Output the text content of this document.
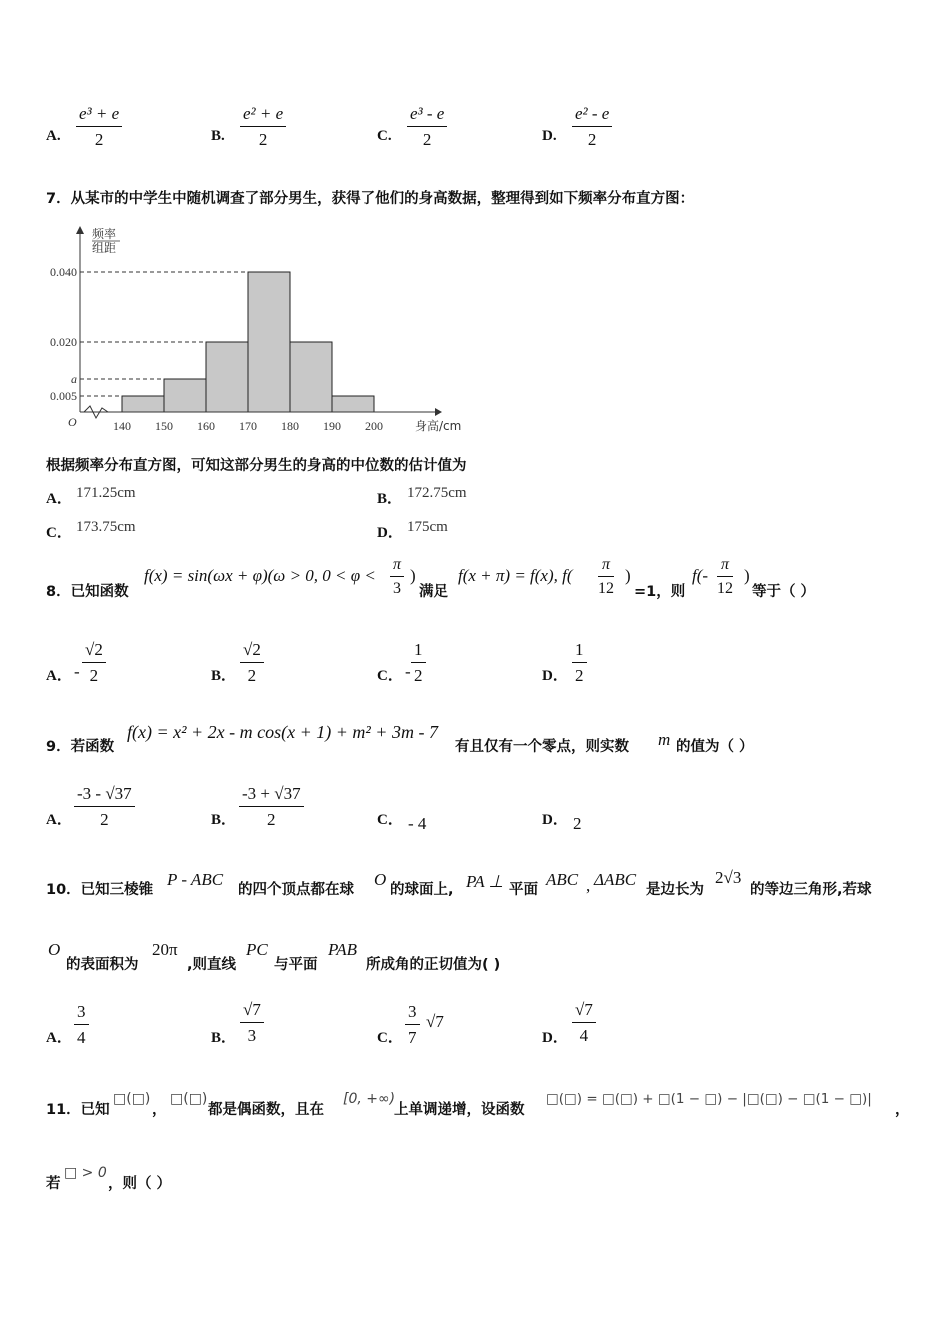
A. $\frac{\text{e³ + e}}{2}$	B. $\frac{\text{e² + e}}{2}$	C. $\frac{\text{e³ - e}}{2}$	D. $\frac{\text{e² - e}}{2}$
7．从某市的中学生中随机调查了部分男生，获得了他们的身高数据，整理得到如下频率分布直方图：
频率
组距
O	身高/cm
0.040
0.020
a
0.005
140 150 160 170 180 190 200
根据频率分布直方图，可知这部分男生的身高的中位数的估计值为
A． 171.25cm	B． 172.75cm
C． 173.75cm	D． 175cm
8．已知函数
f(x) = sin(ωx + φ)(ω > 0, $0 < \varphi < \frac{\pi}{3}$ )
满足
f(x + π) = f(x), $f( \frac{\pi}{12}$ )
=1，则
$f(- \frac{\pi}{12}$ )
等于（ ）
A． - $\frac{√2}{2}$	B． $\frac{√2}{2}$	C． - $\frac{1}{2}$	D． $\frac{1}{2}$
9．若函数
f(x) = x² + 2x - m cos(x + 1) + m² + 3m - 7
有且仅有一个零点，则实数 m 的值为（ ）
A． $\frac{-3 - √37}{2}$	B． $\frac{-3 + √37}{2}$	C． - 4	D． 2
10．已知三棱锥
P - ABC
的四个顶点都在球
O
的球面上, PA ⊥ 平面
ABC , ΔABC
是边长为
2√3
的等边三角形,若球
O
的表面积为
20π
,则直线
PC
与平面
PAB
所成角的正切值为( )
A． $\frac{3}{4}$	B． $\frac{√7}{3}$	C． $\frac{3}{7} √7$
D． $\frac{√7}{4}$
11．已知
□(□)
，
□(□)
都是偶函数，且在
[0, +∞)
上单调递增，设函数
□(□) = □(□) + □(1 − □) − |□(□) − □(1 − □)|
，
若
□ > 0
，则（ ）
